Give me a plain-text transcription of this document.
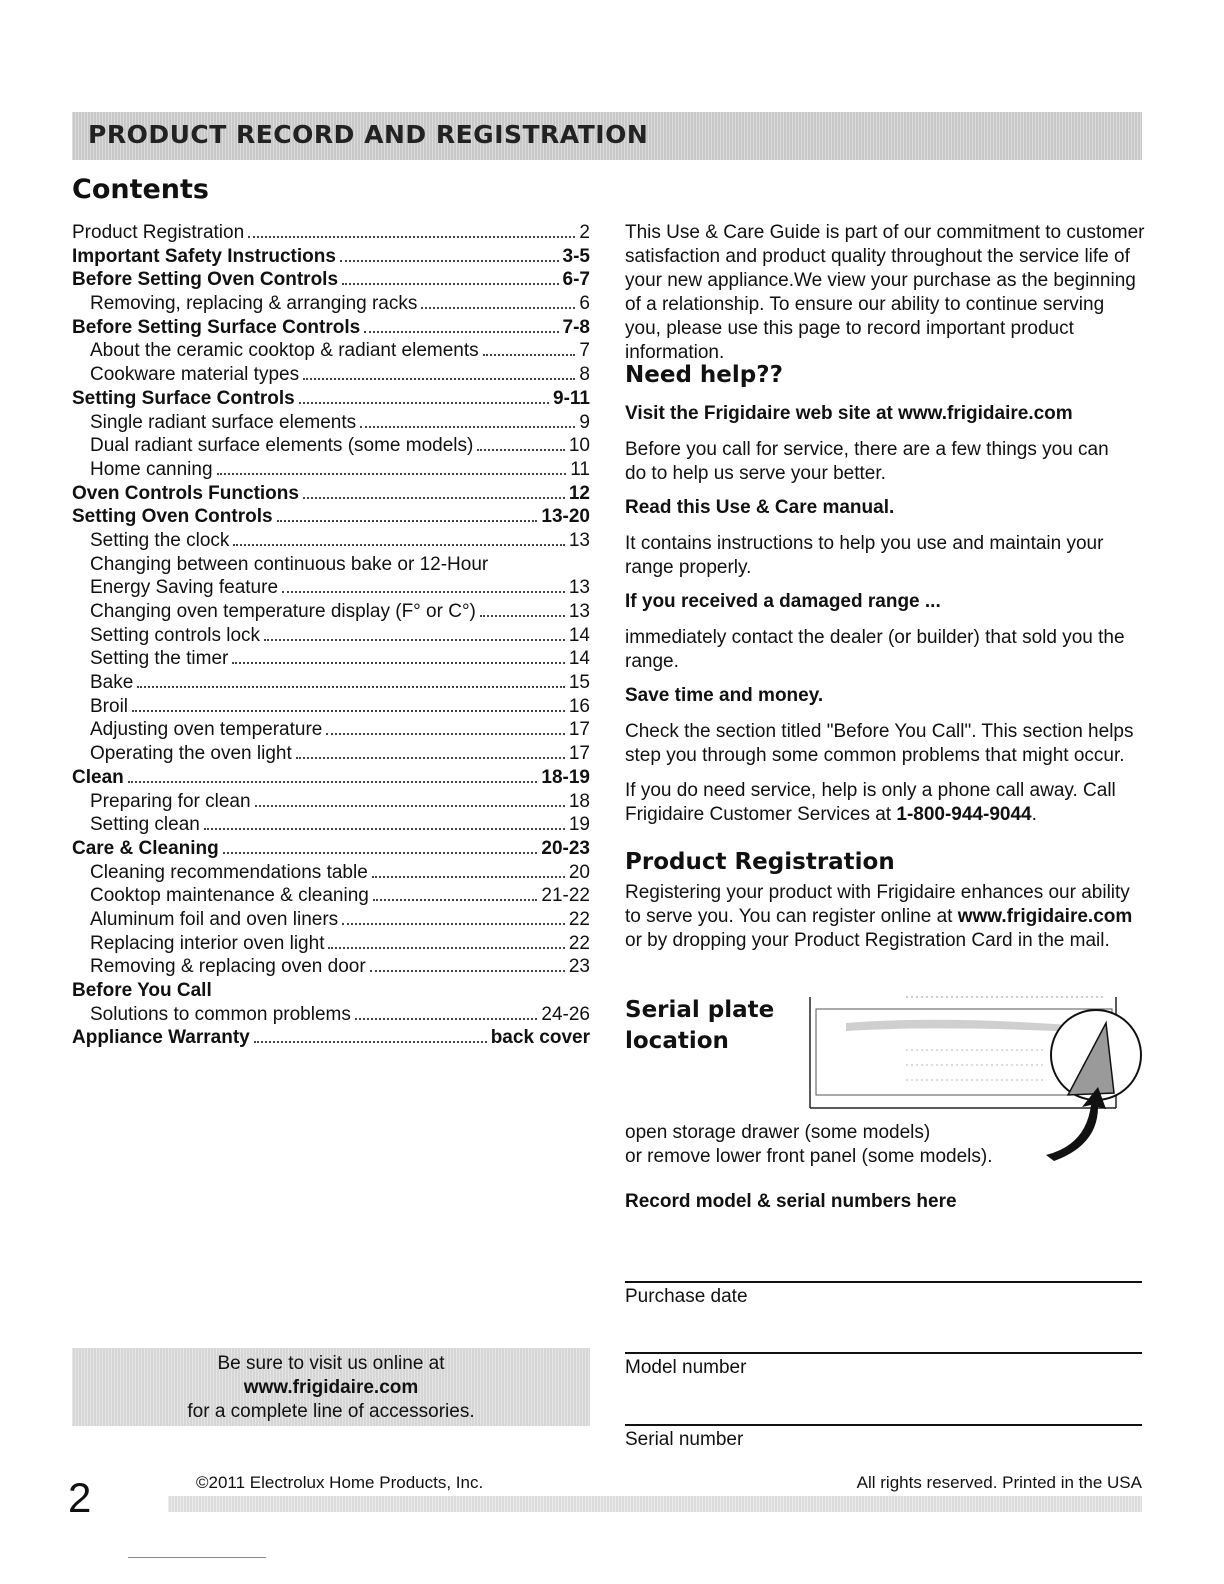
PRODUCT RECORD AND REGISTRATION
Contents
Product Registration	2
Important Safety Instructions	3-5
Before Setting Oven Controls	6-7
Removing, replacing & arranging racks	6
Before Setting Surface Controls	7-8
About the ceramic cooktop & radiant elements	7
Cookware material types	8
Setting Surface Controls	9-11
Single radiant surface elements	9
Dual radiant surface elements (some models)	10
Home canning	11
Oven Controls Functions	12
Setting Oven Controls	13-20
Setting the clock	13
Changing between continuous bake or 12-Hour
Energy Saving feature	13
Changing oven temperature display (F° or C°)	13
Setting controls lock	14
Setting the timer	14
Bake	15
Broil	16
Adjusting oven temperature	17
Operating the oven light	17
Clean	18-19
Preparing for clean	18
Setting clean	19
Care & Cleaning	20-23
Cleaning recommendations table	20
Cooktop maintenance & cleaning	21-22
Aluminum foil and oven liners	22
Replacing interior oven light	22
Removing & replacing oven door	23
Before You Call
Solutions to common problems	24-26
Appliance Warranty	back cover
Be sure to visit us online at
www.frigidaire.com
for a complete line of accessories.
This Use & Care Guide is part of our commitment to customer satisfaction and product quality throughout the service life of your new appliance.We view your purchase as the beginning of a relationship. To ensure our ability to continue serving you, please use this page to record important product information.
Need help??
Visit the Frigidaire web site at www.frigidaire.com
Before you call for service, there are a few things you can do to help us serve your better.
Read this Use & Care manual.
It contains instructions to help you use and maintain your range properly.
If you received a damaged range ...
immediately contact the dealer (or builder) that sold you the range.
Save time and money.
Check the section titled "Before You Call". This section helps step you through some common problems that might occur.
If you do need service, help is only a phone call away. Call Frigidaire Customer Services at 1-800-944-9044.
Product Registration
Registering your product with Frigidaire enhances our ability to serve you. You can register online at www.frigidaire.com or by dropping your Product Registration Card in the mail.
Serial plate
location
open storage drawer (some models)
or remove lower front panel (some models).
Record model & serial numbers here
Purchase date
Model number
Serial number
2	©2011 Electrolux Home Products, Inc.	All rights reserved. Printed in the USA
